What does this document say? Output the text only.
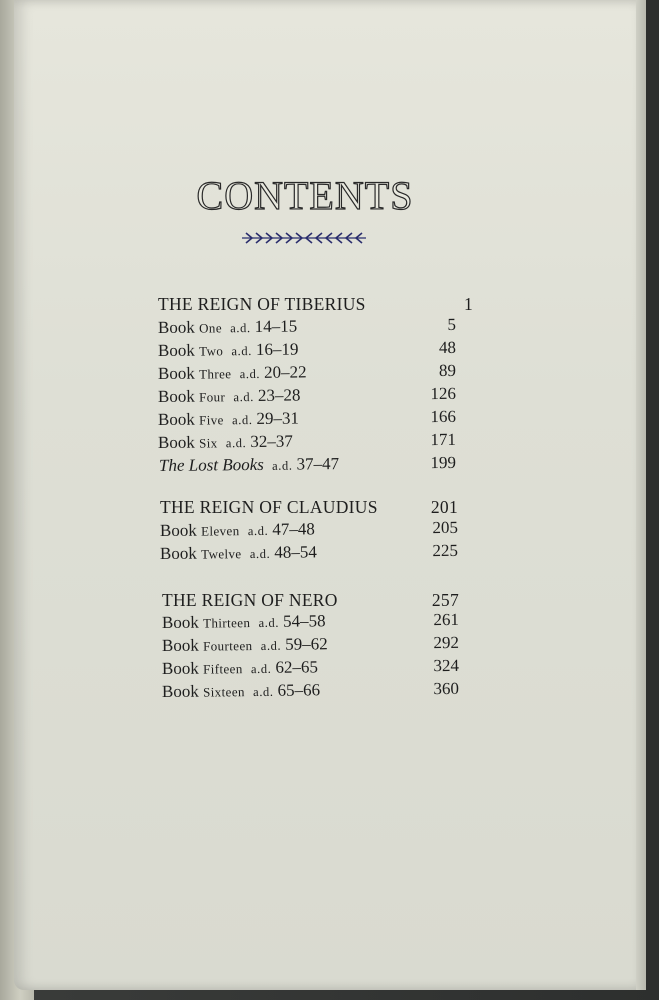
CONTENTS
THE REIGN OF TIBERIUS	1
Book One a.d. 14–15	5
Book Two a.d. 16–19	48
Book Three a.d. 20–22	89
Book Four a.d. 23–28	126
Book Five a.d. 29–31	166
Book Six a.d. 32–37	171
The Lost Books a.d. 37–47	199
THE REIGN OF CLAUDIUS	201
Book Eleven a.d. 47–48	205
Book Twelve a.d. 48–54	225
THE REIGN OF NERO	257
Book Thirteen a.d. 54–58	261
Book Fourteen a.d. 59–62	292
Book Fifteen a.d. 62–65	324
Book Sixteen a.d. 65–66	360
